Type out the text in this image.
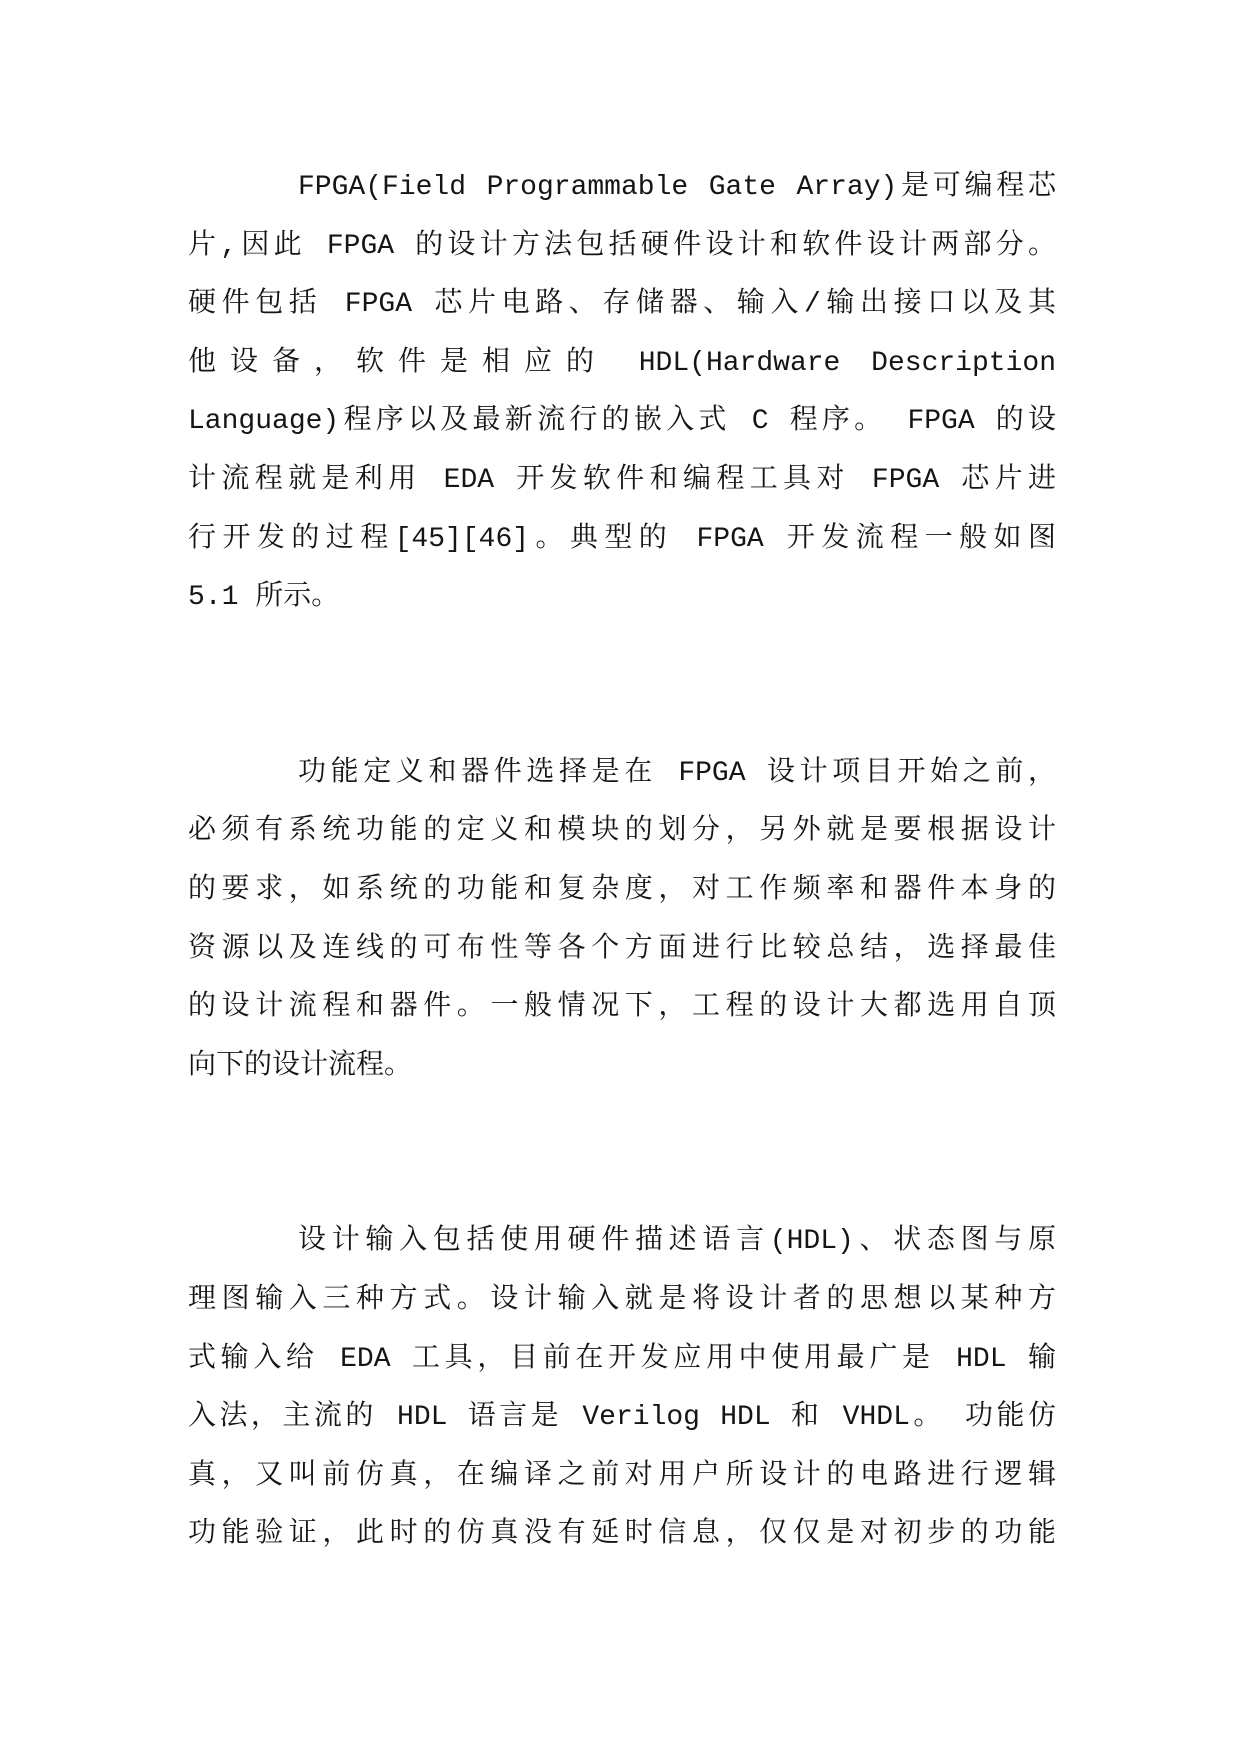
FPGA(Field Programmable Gate Array)是可编程芯
片,因此 FPGA 的设计方法包括硬件设计和软件设计两部分。
硬件包括 FPGA 芯片电路、存储器、输入/输出接口以及其
他设备，软件是相应的 HDL(Hardware Description
Language)程序以及最新流行的嵌入式 C 程序。 FPGA 的设
计流程就是利用 EDA 开发软件和编程工具对 FPGA 芯片进
行开发的过程[45][46]。典型的 FPGA 开发流程一般如图
5.1 所示。
功能定义和器件选择是在 FPGA 设计项目开始之前，
必须有系统功能的定义和模块的划分，另外就是要根据设计
的要求，如系统的功能和复杂度，对工作频率和器件本身的
资源以及连线的可布性等各个方面进行比较总结，选择最佳
的设计流程和器件。一般情况下，工程的设计大都选用自顶
向下的设计流程。
设计输入包括使用硬件描述语言(HDL)、状态图与原
理图输入三种方式。设计输入就是将设计者的思想以某种方
式输入给 EDA 工具，目前在开发应用中使用最广是 HDL 输
入法，主流的 HDL 语言是 Verilog HDL 和 VHDL。 功能仿
真，又叫前仿真，在编译之前对用户所设计的电路进行逻辑
功能验证，此时的仿真没有延时信息，仅仅是对初步的功能
